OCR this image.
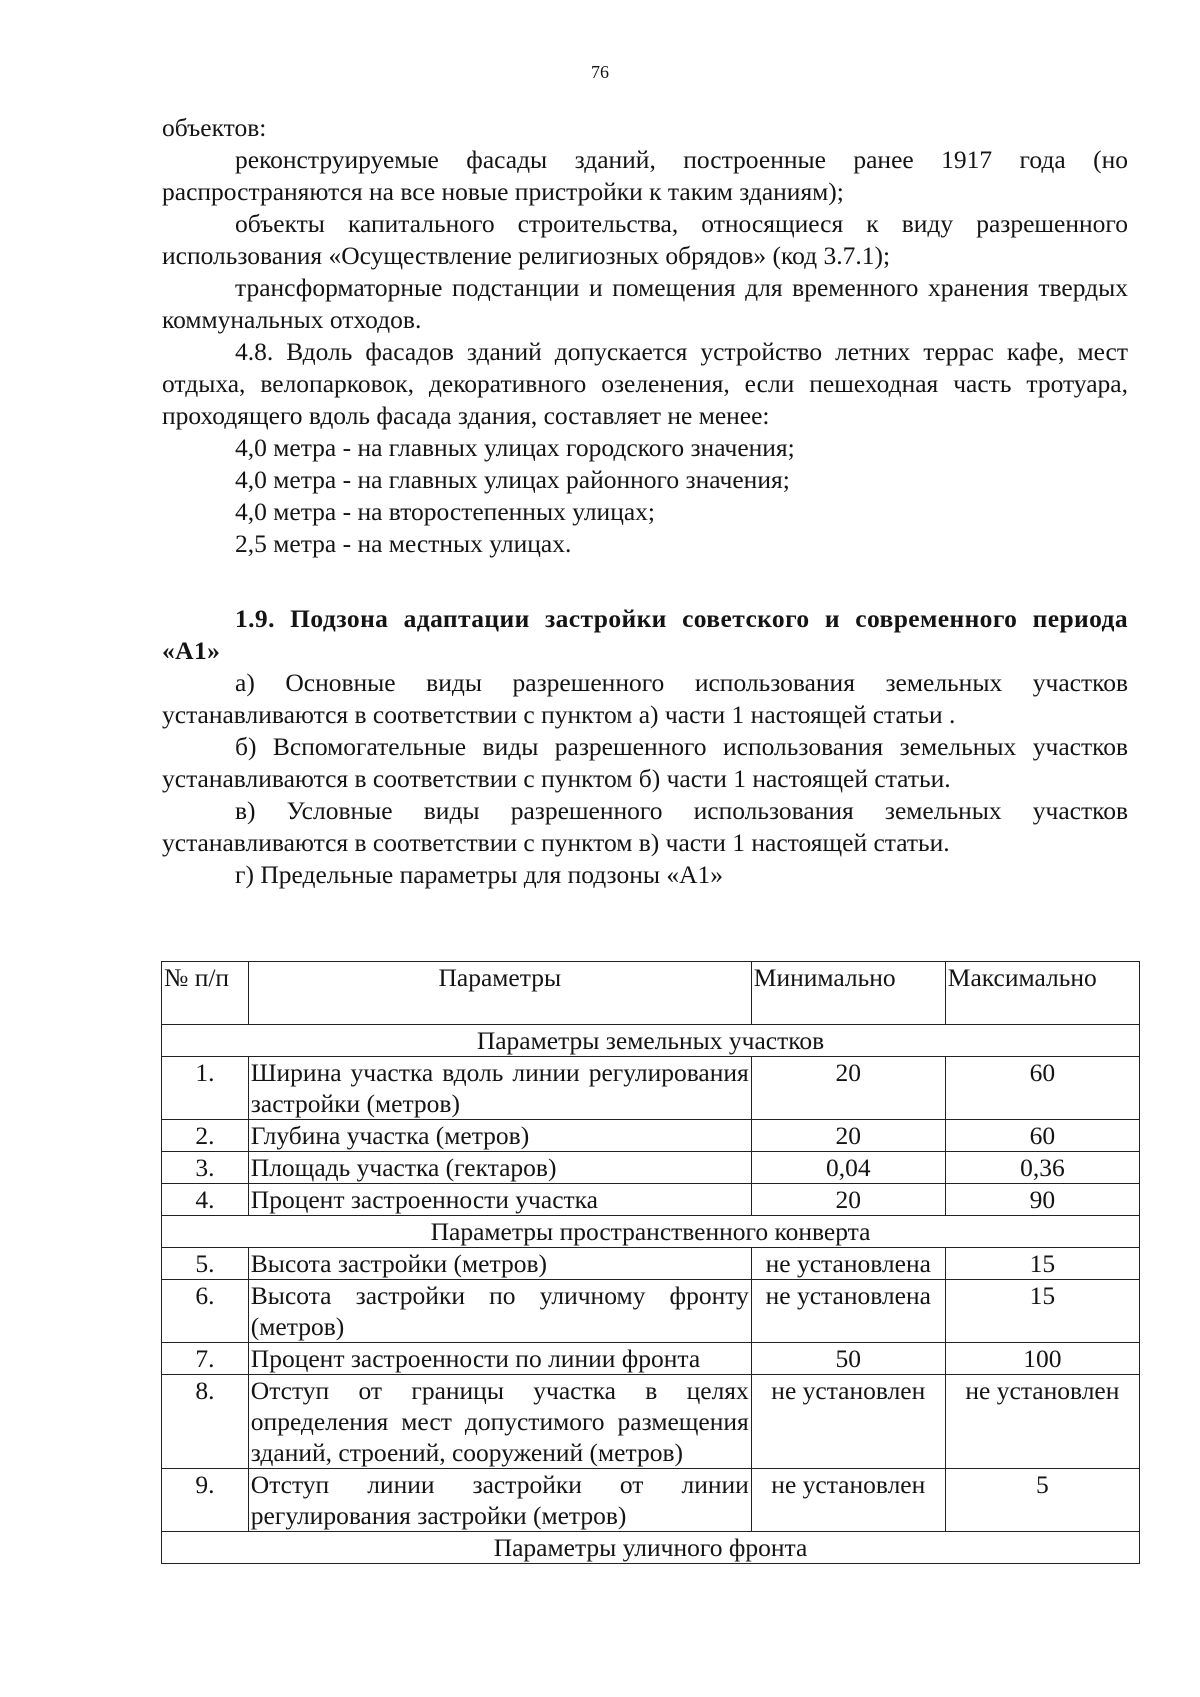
76

объектов:

реконструируемые фасады зданий, построенные ранее 1917 года (но распространяются на все новые пристройки к таким зданиям);

объекты капитального строительства, относящиеся к виду разрешенного использования «Осуществление религиозных обрядов» (код 3.7.1);

трансформаторные подстанции и помещения для временного хранения твердых коммунальных отходов.

4.8. Вдоль фасадов зданий допускается устройство летних террас кафе, мест отдыха, велопарковок, декоративного озеленения, если пешеходная часть тротуара, проходящего вдоль фасада здания, составляет не менее:

4,0 метра - на главных улицах городского значения;

4,0 метра - на главных улицах районного значения;

4,0 метра - на второстепенных улицах;

2,5 метра - на местных улицах.

1.9. Подзона адаптации застройки советского и современного периода «А1»

а) Основные виды разрешенного использования земельных участков устанавливаются в соответствии с пунктом а) части 1 настоящей статьи .

б) Вспомогательные виды разрешенного использования земельных участков устанавливаются в соответствии с пунктом б) части 1 настоящей статьи.

в) Условные виды разрешенного использования земельных участков устанавливаются в соответствии с пунктом в) части 1 настоящей статьи.

г) Предельные параметры для подзоны «А1»

№ п/п	Параметры	Минимально	Максимально
Параметры земельных участков			
1.	Ширина участка вдоль линии регулирования застройки (метров)	20	60
2.	Глубина участка (метров)	20	60
3.	Площадь участка (гектаров)	0,04	0,36
4.	Процент застроенности участка	20	90
Параметры пространственного конверта			
5.	Высота застройки (метров)	не установлена	15
6.	Высота застройки по уличному фронту (метров)	не установлена	15
7.	Процент застроенности по линии фронта	50	100
8.	Отступ от границы участка в целях определения мест допустимого размещения зданий, строений, сооружений (метров)	не установлен	не установлен
9.	Отступ линии застройки от линии регулирования застройки (метров)	не установлен	5
Параметры уличного фронта			
